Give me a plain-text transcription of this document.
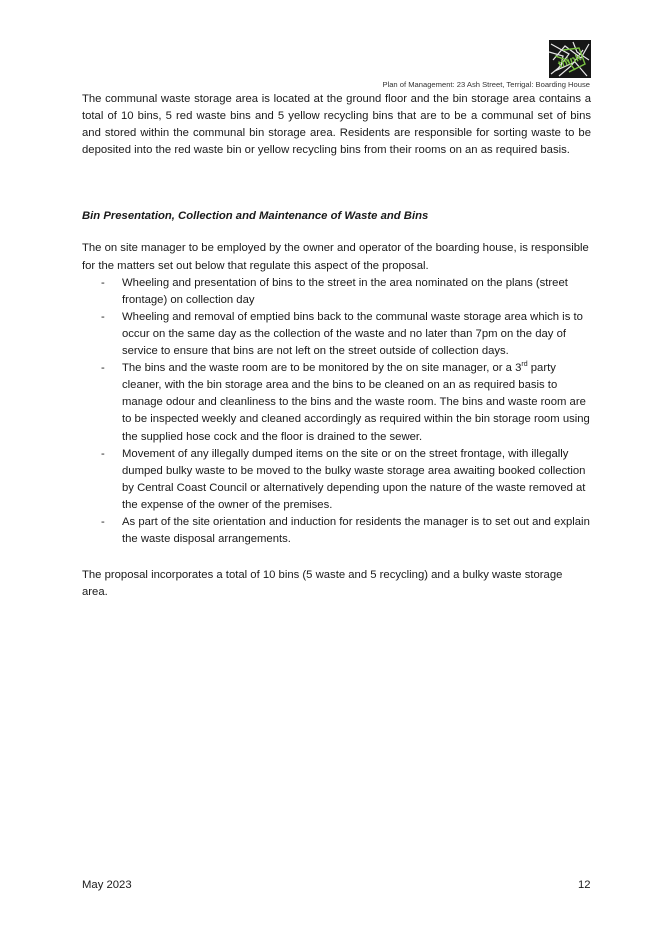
think
Plan of Management: 23 Ash Street, Terrigal: Boarding House

The communal waste storage area is located at the ground floor and the bin storage area contains a total of 10 bins, 5 red waste bins and 5 yellow recycling bins that are to be a communal set of bins and stored within the communal bin storage area. Residents are responsible for sorting waste to be deposited into the red waste bin or yellow recycling bins from their rooms on an as required basis.

Bin Presentation, Collection and Maintenance of Waste and Bins

The on site manager to be employed by the owner and operator of the boarding house, is responsible for the matters set out below that regulate this aspect of the proposal.

- Wheeling and presentation of bins to the street in the area nominated on the plans (street frontage) on collection day
- Wheeling and removal of emptied bins back to the communal waste storage area which is to occur on the same day as the collection of the waste and no later than 7pm on the day of service to ensure that bins are not left on the street outside of collection days.
- The bins and the waste room are to be monitored by the on site manager, or a 3rd party cleaner, with the bin storage area and the bins to be cleaned on an as required basis to manage odour and cleanliness to the bins and the waste room. The bins and waste room are to be inspected weekly and cleaned accordingly as required within the bin storage room using the supplied hose cock and the floor is drained to the sewer.
- Movement of any illegally dumped items on the site or on the street frontage, with illegally dumped bulky waste to be moved to the bulky waste storage area awaiting booked collection by Central Coast Council or alternatively depending upon the nature of the waste removed at the expense of the owner of the premises.
- As part of the site orientation and induction for residents the manager is to set out and explain the waste disposal arrangements.

The proposal incorporates a total of 10 bins (5 waste and 5 recycling) and a bulky waste storage area.

May 2023	12
